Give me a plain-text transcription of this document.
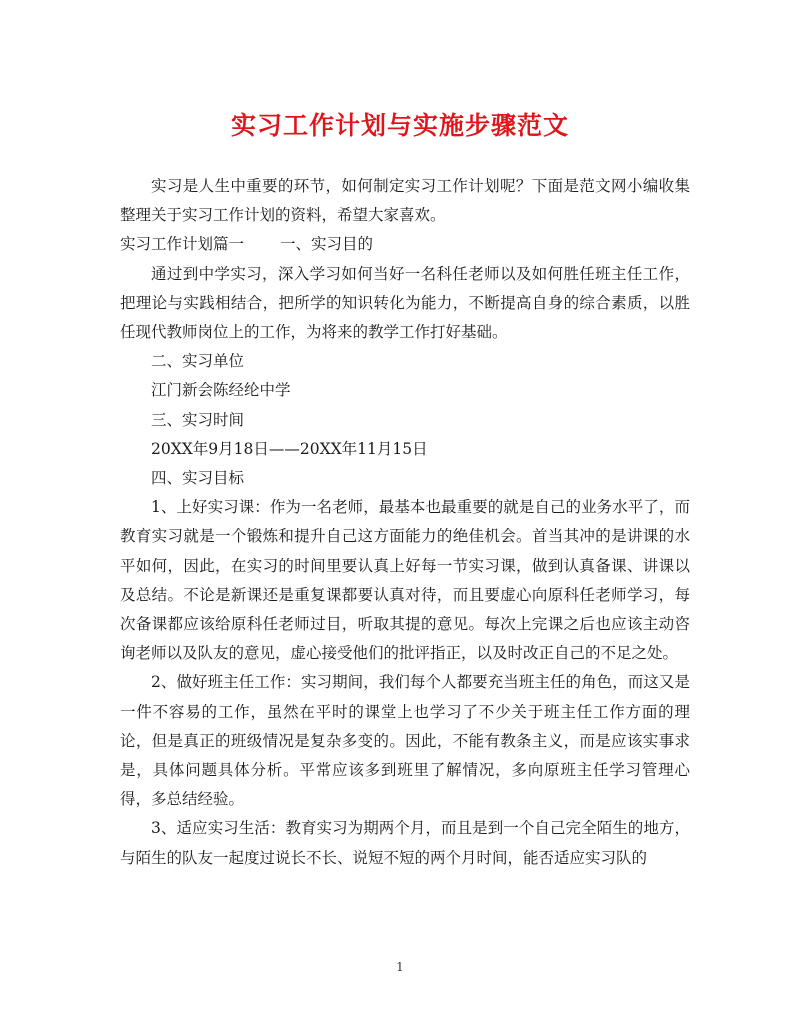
实习工作计划与实施步骤范文

实习是人生中重要的环节，如何制定实习工作计划呢？下面是范文网小编收集整理关于实习工作计划的资料，希望大家喜欢。

实习工作计划篇一 一、实习目的

通过到中学实习，深入学习如何当好一名科任老师以及如何胜任班主任工作，把理论与实践相结合，把所学的知识转化为能力，不断提高自身的综合素质，以胜任现代教师岗位上的工作，为将来的教学工作打好基础。

二、实习单位

江门新会陈经纶中学

三、实习时间

20XX年9月18日——20XX年11月15日

四、实习目标

1、上好实习课：作为一名老师，最基本也最重要的就是自己的业务水平了，而教育实习就是一个锻炼和提升自己这方面能力的绝佳机会。首当其冲的是讲课的水平如何，因此，在实习的时间里要认真上好每一节实习课，做到认真备课、讲课以及总结。不论是新课还是重复课都要认真对待，而且要虚心向原科任老师学习，每次备课都应该给原科任老师过目，听取其提的意见。每次上完课之后也应该主动咨询老师以及队友的意见，虚心接受他们的批评指正，以及时改正自己的不足之处。

2、做好班主任工作：实习期间，我们每个人都要充当班主任的角色，而这又是一件不容易的工作，虽然在平时的课堂上也学习了不少关于班主任工作方面的理论，但是真正的班级情况是复杂多变的。因此，不能有教条主义，而是应该实事求是，具体问题具体分析。平常应该多到班里了解情况，多向原班主任学习管理心得，多总结经验。

3、适应实习生活：教育实习为期两个月，而且是到一个自己完全陌生的地方，与陌生的队友一起度过说长不长、说短不短的两个月时间，能否适应实习队的

1
